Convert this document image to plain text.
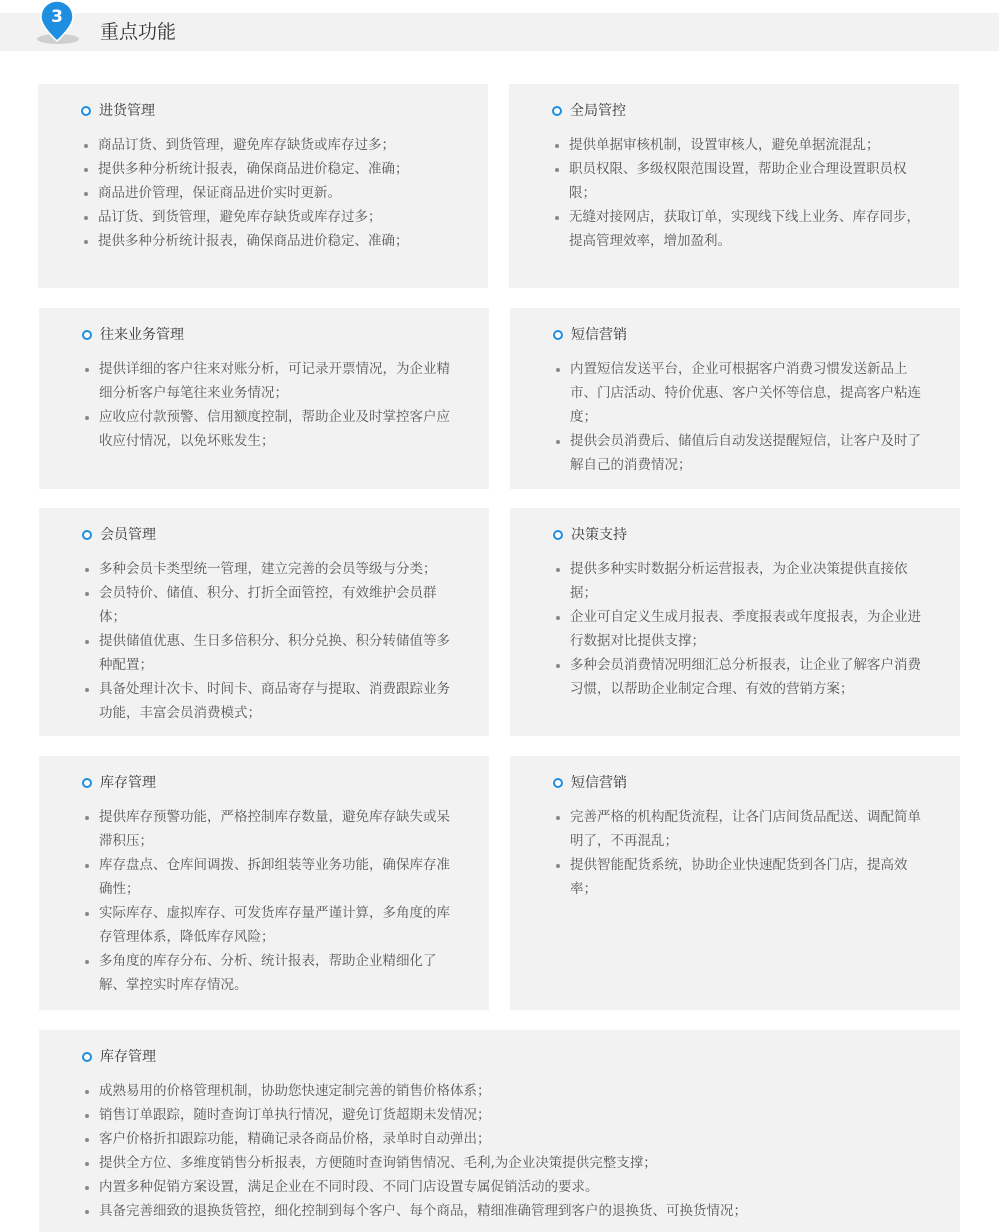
3
重点功能
进货管理
商品订货、到货管理，避免库存缺货或库存过多；
提供多种分析统计报表，确保商品进价稳定、准确；
商品进价管理，保证商品进价实时更新。
品订货、到货管理，避免库存缺货或库存过多；
提供多种分析统计报表，确保商品进价稳定、准确；
全局管控
提供单据审核机制，设置审核人，避免单据流混乱；
职员权限、多级权限范围设置，帮助企业合理设置职员权限；
无缝对接网店，获取订单，实现线下线上业务、库存同步，提高管理效率，增加盈利。
往来业务管理
提供详细的客户往来对账分析，可记录开票情况，为企业精细分析客户每笔往来业务情况；
应收应付款预警、信用额度控制，帮助企业及时掌控客户应收应付情况，以免坏账发生；
短信营销
内置短信发送平台，企业可根据客户消费习惯发送新品上市、门店活动、特价优惠、客户关怀等信息，提高客户粘连度；
提供会员消费后、储值后自动发送提醒短信，让客户及时了解自己的消费情况；
会员管理
多种会员卡类型统一管理，建立完善的会员等级与分类；
会员特价、储值、积分、打折全面管控，有效维护会员群体；
提供储值优惠、生日多倍积分、积分兑换、积分转储值等多种配置；
具备处理计次卡、时间卡、商品寄存与提取、消费跟踪业务功能，丰富会员消费模式；
决策支持
提供多种实时数据分析运营报表，为企业决策提供直接依据；
企业可自定义生成月报表、季度报表或年度报表，为企业进行数据对比提供支撑；
多种会员消费情况明细汇总分析报表，让企业了解客户消费习惯，以帮助企业制定合理、有效的营销方案；
库存管理
提供库存预警功能，严格控制库存数量，避免库存缺失或呆滞积压；
库存盘点、仓库间调拨、拆卸组装等业务功能，确保库存准确性；
实际库存、虚拟库存、可发货库存量严谨计算，多角度的库存管理体系，降低库存风险；
多角度的库存分布、分析、统计报表，帮助企业精细化了解、掌控实时库存情况。
短信营销
完善严格的机构配货流程，让各门店间货品配送、调配简单明了，不再混乱；
提供智能配货系统，协助企业快速配货到各门店，提高效率；
库存管理
成熟易用的价格管理机制，协助您快速定制完善的销售价格体系；
销售订单跟踪，随时查询订单执行情况，避免订货超期未发情况；
客户价格折扣跟踪功能，精确记录各商品价格，录单时自动弹出；
提供全方位、多维度销售分析报表，方便随时查询销售情况、毛利,为企业决策提供完整支撑；
内置多种促销方案设置，满足企业在不同时段、不同门店设置专属促销活动的要求。
具备完善细致的退换货管控，细化控制到每个客户、每个商品，精细准确管理到客户的退换货、可换货情况；
